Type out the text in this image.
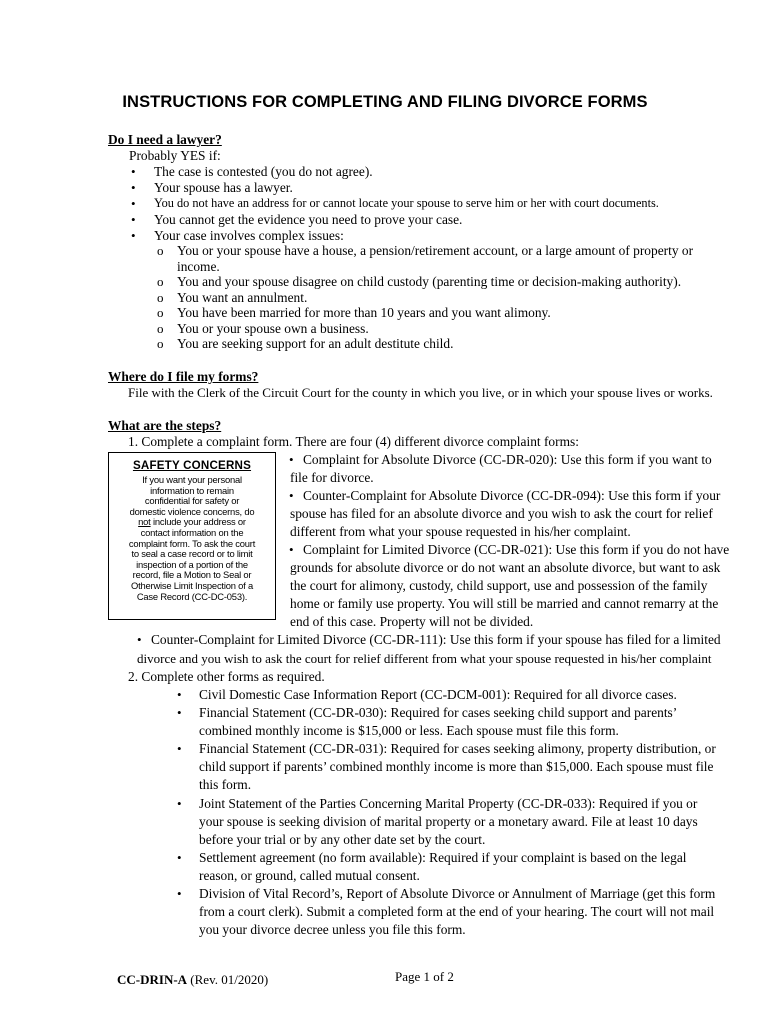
INSTRUCTIONS FOR COMPLETING AND FILING DIVORCE FORMS
Do I need a lawyer?
Probably YES if:
• The case is contested (you do not agree).
• Your spouse has a lawyer.
• You do not have an address for or cannot locate your spouse to serve him or her with court documents.
• You cannot get the evidence you need to prove your case.
• Your case involves complex issues:
o You or your spouse have a house, a pension/retirement account, or a large amount of property or
income.
o You and your spouse disagree on child custody (parenting time or decision-making authority).
o You want an annulment.
o You have been married for more than 10 years and you want alimony.
o You or your spouse own a business.
o You are seeking support for an adult destitute child.
Where do I file my forms?
File with the Clerk of the Circuit Court for the county in which you live, or in which your spouse lives or works.
What are the steps?
1. Complete a complaint form. There are four (4) different divorce complaint forms:
SAFETY CONCERNS
If you want your personal
information to remain
confidential for safety or
domestic violence concerns, do
not include your address or
contact information on the
complaint form. To ask the court
to seal a case record or to limit
inspection of a portion of the
record, file a Motion to Seal or
Otherwise Limit Inspection of a
Case Record (CC-DC-053).
• Complaint for Absolute Divorce (CC-DR-020): Use this form if you want to
file for divorce.
• Counter-Complaint for Absolute Divorce (CC-DR-094): Use this form if your
spouse has filed for an absolute divorce and you wish to ask the court for relief
different from what your spouse requested in his/her complaint.
• Complaint for Limited Divorce (CC-DR-021): Use this form if you do not have
grounds for absolute divorce or do not want an absolute divorce, but want to ask
the court for alimony, custody, child support, use and possession of the family
home or family use property. You will still be married and cannot remarry at the
end of this case. Property will not be divided.
• Counter-Complaint for Limited Divorce (CC-DR-111): Use this form if your spouse has filed for a limited
divorce and you wish to ask the court for relief different from what your spouse requested in his/her complaint
2. Complete other forms as required.
• Civil Domestic Case Information Report (CC-DCM-001): Required for all divorce cases.
• Financial Statement (CC-DR-030): Required for cases seeking child support and parents’
combined monthly income is $15,000 or less. Each spouse must file this form.
• Financial Statement (CC-DR-031): Required for cases seeking alimony, property distribution, or
child support if parents’ combined monthly income is more than $15,000. Each spouse must file
this form.
• Joint Statement of the Parties Concerning Marital Property (CC-DR-033): Required if you or
your spouse is seeking division of marital property or a monetary award. File at least 10 days
before your trial or by any other date set by the court.
• Settlement agreement (no form available): Required if your complaint is based on the legal
reason, or ground, called mutual consent.
• Division of Vital Record’s, Report of Absolute Divorce or Annulment of Marriage (get this form
from a court clerk). Submit a completed form at the end of your hearing. The court will not mail
you your divorce decree unless you file this form.
CC-DRIN-A (Rev. 01/2020)	Page 1 of 2
